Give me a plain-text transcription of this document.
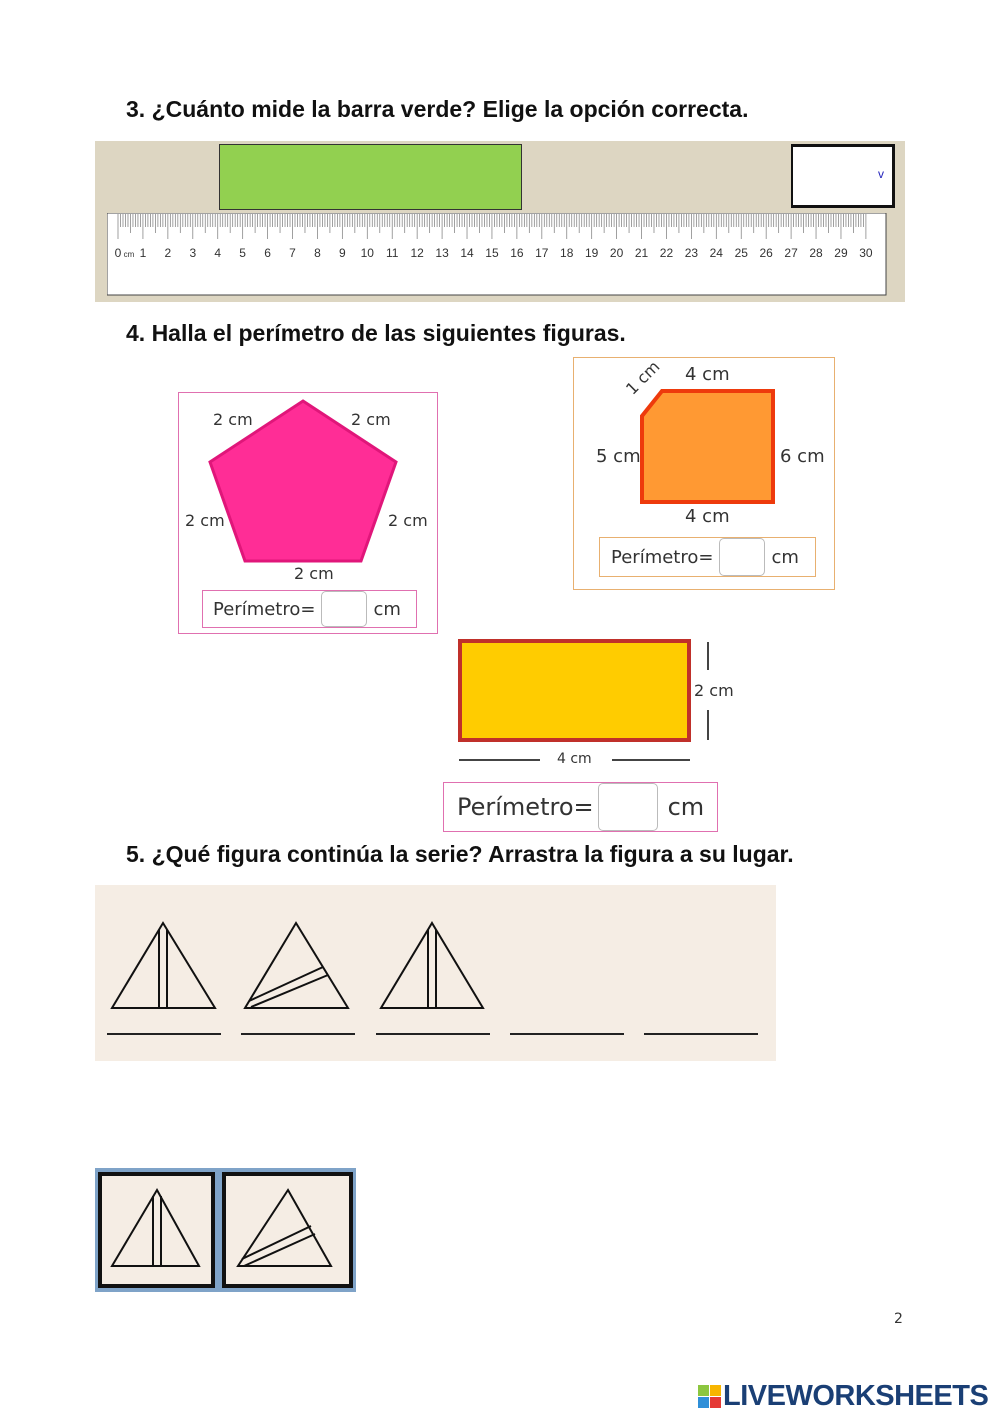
3. ¿Cuánto mide la barra verde? Elige la opción correcta.
v
0 cm 1 2 3 4 5 6 7 8 9 10 11 12 13 14 15 16 17 18 19 20 21 22 23 24 25 26 27 28 29 30
4. Halla el perímetro de las siguientes figuras.
2 cm	2 cm
2 cm	2 cm
2 cm
Perímetro=	cm
4 cm
1 cm
5 cm	6 cm
4 cm
Perímetro=	cm
2 cm
4 cm
Perímetro=	cm
5. ¿Qué figura continúa la serie? Arrastra la figura a su lugar.
2
LIVEWORKSHEETS
